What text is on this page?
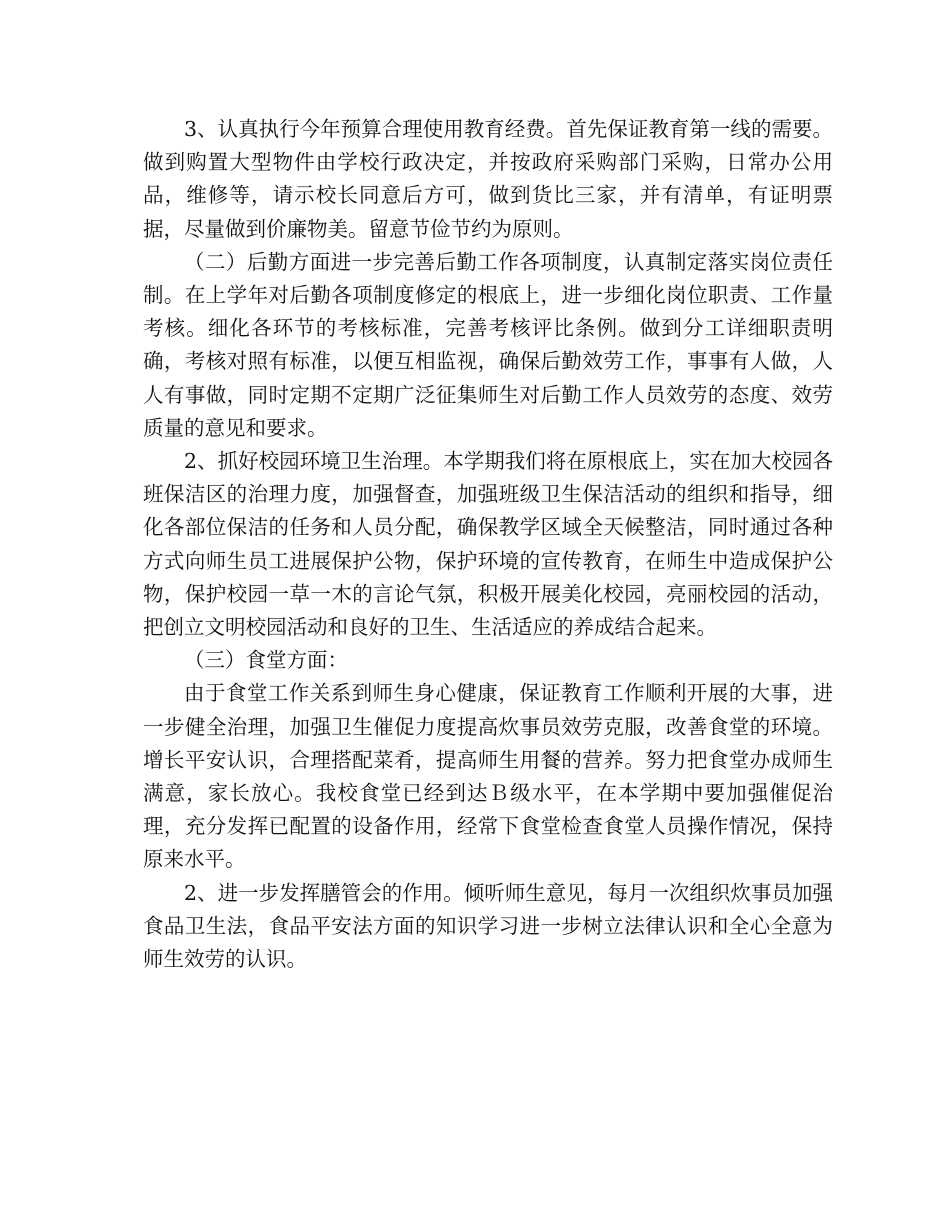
3、认真执行今年预算合理使用教育经费。首先保证教育第一线的需要。做到购置大型物件由学校行政决定，并按政府采购部门采购，日常办公用品，维修等，请示校长同意后方可，做到货比三家，并有清单，有证明票据，尽量做到价廉物美。留意节俭节约为原则。

（二）后勤方面进一步完善后勤工作各项制度，认真制定落实岗位责任制。在上学年对后勤各项制度修定的根底上，进一步细化岗位职责、工作量考核。细化各环节的考核标准，完善考核评比条例。做到分工详细职责明确，考核对照有标准，以便互相监视，确保后勤效劳工作，事事有人做，人人有事做，同时定期不定期广泛征集师生对后勤工作人员效劳的态度、效劳质量的意见和要求。

2、抓好校园环境卫生治理。本学期我们将在原根底上，实在加大校园各班保洁区的治理力度，加强督查，加强班级卫生保洁活动的组织和指导，细化各部位保洁的任务和人员分配，确保教学区域全天候整洁，同时通过各种方式向师生员工进展保护公物，保护环境的宣传教育，在师生中造成保护公物，保护校园一草一木的言论气氛，积极开展美化校园，亮丽校园的活动，把创立文明校园活动和良好的卫生、生活适应的养成结合起来。

（三）食堂方面：

由于食堂工作关系到师生身心健康，保证教育工作顺利开展的大事，进一步健全治理，加强卫生催促力度提高炊事员效劳克服，改善食堂的环境。增长平安认识，合理搭配菜肴，提高师生用餐的营养。努力把食堂办成师生满意，家长放心。我校食堂已经到达Ｂ级水平，在本学期中要加强催促治理，充分发挥已配置的设备作用，经常下食堂检查食堂人员操作情况，保持原来水平。

2、进一步发挥膳管会的作用。倾听师生意见，每月一次组织炊事员加强食品卫生法，食品平安法方面的知识学习进一步树立法律认识和全心全意为师生效劳的认识。
